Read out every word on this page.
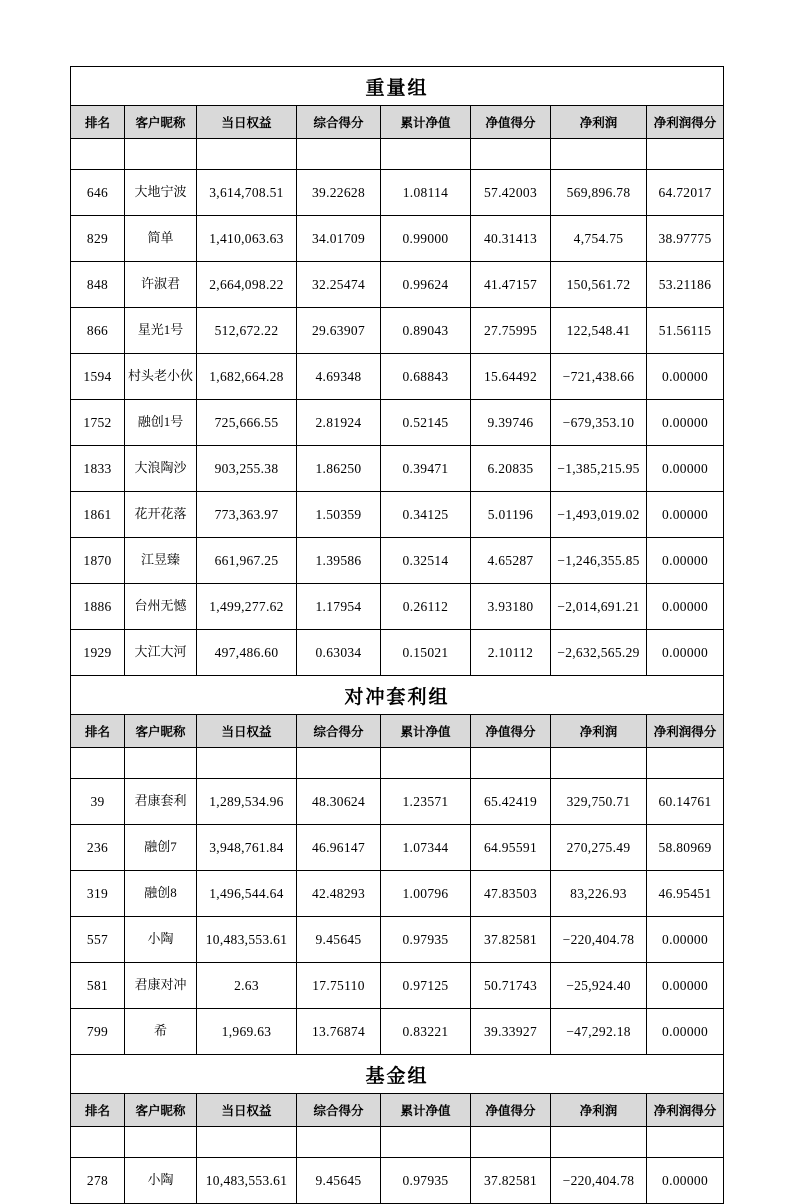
重量组							
排名	客户昵称	当日权益	综合得分	累计净值	净值得分	净利润	净利润得分

646	大地宁波	3,614,708.51	39.22628	1.08114	57.42003	569,896.78	64.72017
829	简单	1,410,063.63	34.01709	0.99000	40.31413	4,754.75	38.97775
848	许淑君	2,664,098.22	32.25474	0.99624	41.47157	150,561.72	53.21186
866	星光1号	512,672.22	29.63907	0.89043	27.75995	122,548.41	51.56115
1594	村头老小伙	1,682,664.28	4.69348	0.68843	15.64492	−721,438.66	0.00000
1752	融创1号	725,666.55	2.81924	0.52145	9.39746	−679,353.10	0.00000
1833	大浪陶沙	903,255.38	1.86250	0.39471	6.20835	−1,385,215.95	0.00000
1861	花开花落	773,363.97	1.50359	0.34125	5.01196	−1,493,019.02	0.00000
1870	江昱臻	661,967.25	1.39586	0.32514	4.65287	−1,246,355.85	0.00000
1886	台州无憾	1,499,277.62	1.17954	0.26112	3.93180	−2,014,691.21	0.00000
1929	大江大河	497,486.60	0.63034	0.15021	2.10112	−2,632,565.29	0.00000
对冲套利组							
排名	客户昵称	当日权益	综合得分	累计净值	净值得分	净利润	净利润得分

39	君康套利	1,289,534.96	48.30624	1.23571	65.42419	329,750.71	60.14761
236	融创7	3,948,761.84	46.96147	1.07344	64.95591	270,275.49	58.80969
319	融创8	1,496,544.64	42.48293	1.00796	47.83503	83,226.93	46.95451
557	小陶	10,483,553.61	9.45645	0.97935	37.82581	−220,404.78	0.00000
581	君康对冲	2.63	17.75110	0.97125	50.71743	−25,924.40	0.00000
799	希	1,969.63	13.76874	0.83221	39.33927	−47,292.18	0.00000
基金组							
排名	客户昵称	当日权益	综合得分	累计净值	净值得分	净利润	净利润得分

278	小陶	10,483,553.61	9.45645	0.97935	37.82581	−220,404.78	0.00000
